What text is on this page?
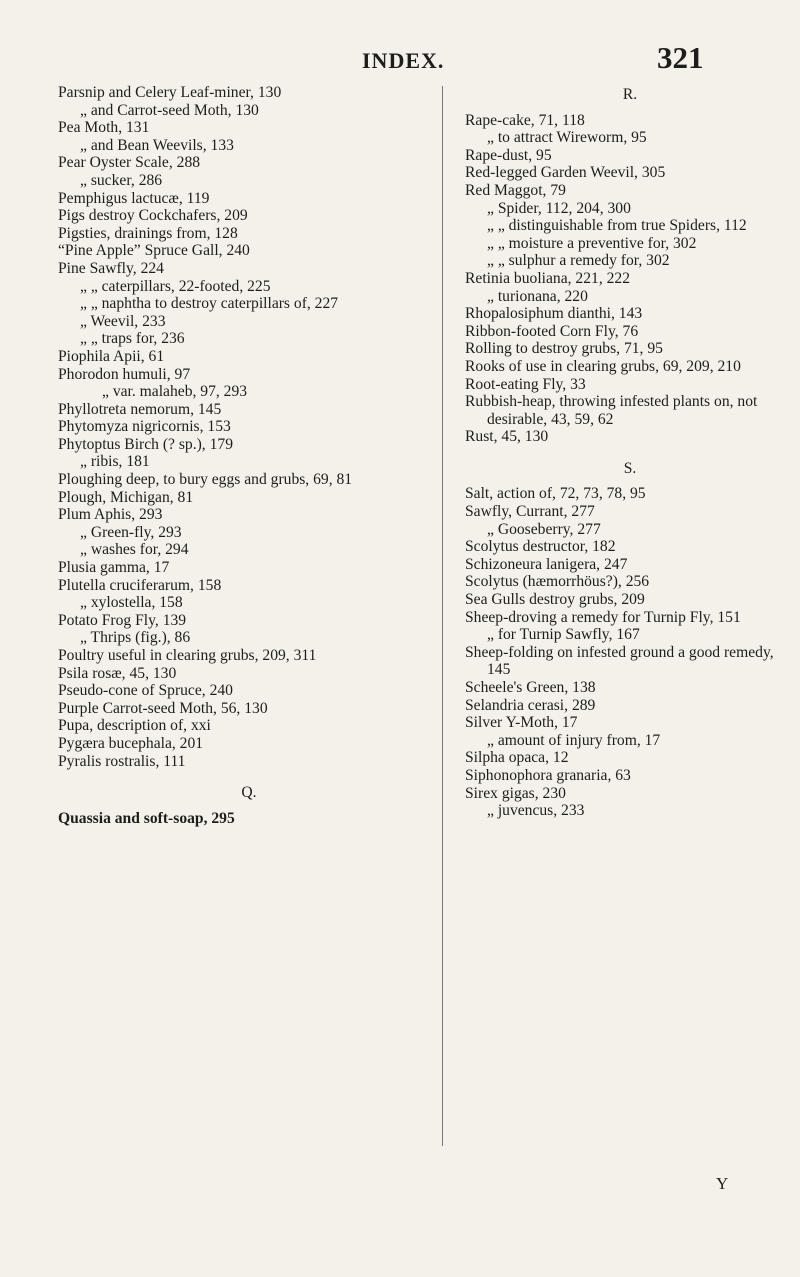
INDEX.	321
Parsnip and Celery Leaf-miner, 130
„ and Carrot-seed Moth, 130
Pea Moth, 131
„ and Bean Weevils, 133
Pear Oyster Scale, 288
„ sucker, 286
Pemphigus lactucæ, 119
Pigs destroy Cockchafers, 209
Pigsties, drainings from, 128
“Pine Apple” Spruce Gall, 240
Pine Sawfly, 224
„ „ caterpillars, 22-footed, 225
„ „ naphtha to destroy caterpillars of, 227
„ Weevil, 233
„ „ traps for, 236
Piophila Apii, 61
Phorodon humuli, 97
„ var. malaheb, 97, 293
Phyllotreta nemorum, 145
Phytomyza nigricornis, 153
Phytoptus Birch (? sp.), 179
„ ribis, 181
Ploughing deep, to bury eggs and grubs, 69, 81
Plough, Michigan, 81
Plum Aphis, 293
„ Green-fly, 293
„ washes for, 294
Plusia gamma, 17
Plutella cruciferarum, 158
„ xylostella, 158
Potato Frog Fly, 139
„ Thrips (fig.), 86
Poultry useful in clearing grubs, 209, 311
Psila rosæ, 45, 130
Pseudo-cone of Spruce, 240
Purple Carrot-seed Moth, 56, 130
Pupa, description of, xxi
Pygæra bucephala, 201
Pyralis rostralis, 111
Q.
Quassia and soft-soap, 295
R.
Rape-cake, 71, 118
„ to attract Wireworm, 95
Rape-dust, 95
Red-legged Garden Weevil, 305
Red Maggot, 79
„ Spider, 112, 204, 300
„ „ distinguishable from true Spiders, 112
„ „ moisture a preventive for, 302
„ „ sulphur a remedy for, 302
Retinia buoliana, 221, 222
„ turionana, 220
Rhopalosiphum dianthi, 143
Ribbon-footed Corn Fly, 76
Rolling to destroy grubs, 71, 95
Rooks of use in clearing grubs, 69, 209, 210
Root-eating Fly, 33
Rubbish-heap, throwing infested plants on, not desirable, 43, 59, 62
Rust, 45, 130
S.
Salt, action of, 72, 73, 78, 95
Sawfly, Currant, 277
„ Gooseberry, 277
Scolytus destructor, 182
Schizoneura lanigera, 247
Scolytus (hæmorrhöus?), 256
Sea Gulls destroy grubs, 209
Sheep-droving a remedy for Turnip Fly, 151
„ for Turnip Sawfly, 167
Sheep-folding on infested ground a good remedy, 145
Scheele's Green, 138
Selandria cerasi, 289
Silver Y-Moth, 17
„ amount of injury from, 17
Silpha opaca, 12
Siphonophora granaria, 63
Sirex gigas, 230
„ juvencus, 233
Y
